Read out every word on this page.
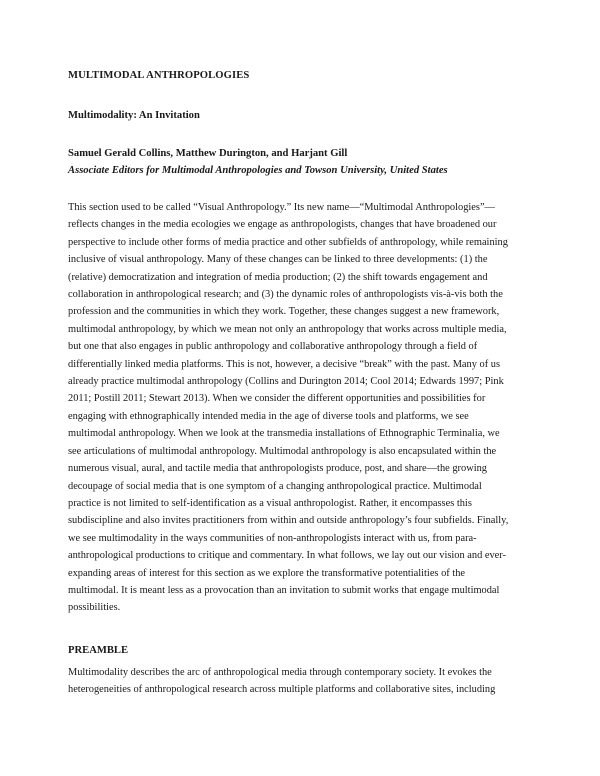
MULTIMODAL ANTHROPOLOGIES
Multimodality: An Invitation
Samuel Gerald Collins, Matthew Durington, and Harjant Gill
Associate Editors for Multimodal Anthropologies and Towson University, United States

This section used to be called “Visual Anthropology.” Its new name—“Multimodal Anthropologies”—
reflects changes in the media ecologies we engage as anthropologists, changes that have broadened our
perspective to include other forms of media practice and other subfields of anthropology, while remaining
inclusive of visual anthropology. Many of these changes can be linked to three developments: (1) the
(relative) democratization and integration of media production; (2) the shift towards engagement and
collaboration in anthropological research; and (3) the dynamic roles of anthropologists vis-à-vis both the
profession and the communities in which they work. Together, these changes suggest a new framework,
multimodal anthropology, by which we mean not only an anthropology that works across multiple media,
but one that also engages in public anthropology and collaborative anthropology through a field of
differentially linked media platforms. This is not, however, a decisive “break” with the past. Many of us
already practice multimodal anthropology (Collins and Durington 2014; Cool 2014; Edwards 1997; Pink
2011; Postill 2011; Stewart 2013). When we consider the different opportunities and possibilities for
engaging with ethnographically intended media in the age of diverse tools and platforms, we see
multimodal anthropology. When we look at the transmedia installations of Ethnographic Terminalia, we
see articulations of multimodal anthropology. Multimodal anthropology is also encapsulated within the
numerous visual, aural, and tactile media that anthropologists produce, post, and share—the growing
decoupage of social media that is one symptom of a changing anthropological practice. Multimodal
practice is not limited to self-identification as a visual anthropologist. Rather, it encompasses this
subdiscipline and also invites practitioners from within and outside anthropology’s four subfields. Finally,
we see multimodality in the ways communities of non-anthropologists interact with us, from para-
anthropological productions to critique and commentary. In what follows, we lay out our vision and ever-
expanding areas of interest for this section as we explore the transformative potentialities of the
multimodal. It is meant less as a provocation than an invitation to submit works that engage multimodal
possibilities.

PREAMBLE

Multimodality describes the arc of anthropological media through contemporary society. It evokes the
heterogeneities of anthropological research across multiple platforms and collaborative sites, including
